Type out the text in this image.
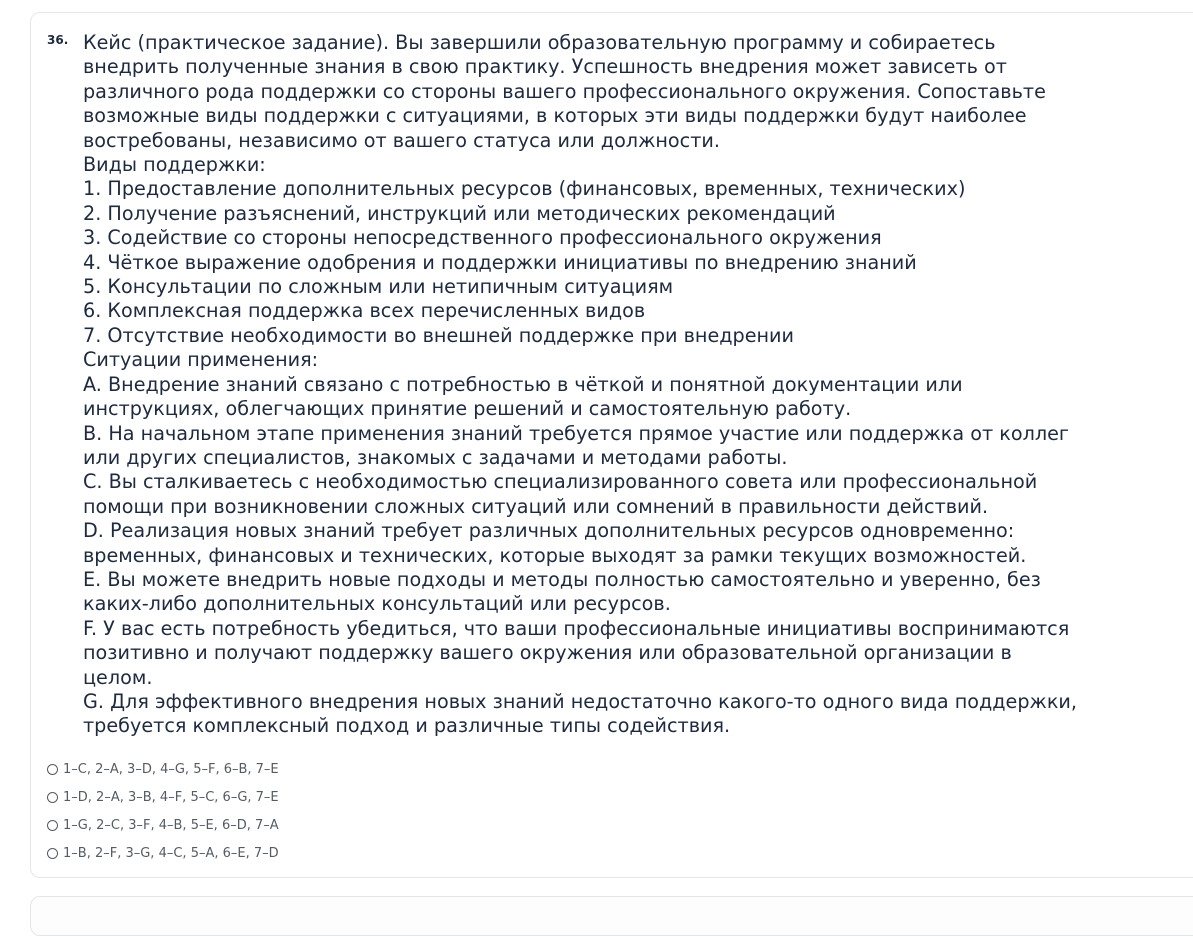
36. Кейс (практическое задание). Вы завершили образовательную программу и собираетесь
внедрить полученные знания в свою практику. Успешность внедрения может зависеть от
различного рода поддержки со стороны вашего профессионального окружения. Сопоставьте
возможные виды поддержки с ситуациями, в которых эти виды поддержки будут наиболее
востребованы, независимо от вашего статуса или должности.
Виды поддержки:
1. Предоставление дополнительных ресурсов (финансовых, временных, технических)
2. Получение разъяснений, инструкций или методических рекомендаций
3. Содействие со стороны непосредственного профессионального окружения
4. Чёткое выражение одобрения и поддержки инициативы по внедрению знаний
5. Консультации по сложным или нетипичным ситуациям
6. Комплексная поддержка всех перечисленных видов
7. Отсутствие необходимости во внешней поддержке при внедрении
Ситуации применения:
A. Внедрение знаний связано с потребностью в чёткой и понятной документации или
инструкциях, облегчающих принятие решений и самостоятельную работу.
B. На начальном этапе применения знаний требуется прямое участие или поддержка от коллег
или других специалистов, знакомых с задачами и методами работы.
C. Вы сталкиваетесь с необходимостью специализированного совета или профессиональной
помощи при возникновении сложных ситуаций или сомнений в правильности действий.
D. Реализация новых знаний требует различных дополнительных ресурсов одновременно:
временных, финансовых и технических, которые выходят за рамки текущих возможностей.
E. Вы можете внедрить новые подходы и методы полностью самостоятельно и уверенно, без
каких-либо дополнительных консультаций или ресурсов.
F. У вас есть потребность убедиться, что ваши профессиональные инициативы воспринимаются
позитивно и получают поддержку вашего окружения или образовательной организации в
целом.
G. Для эффективного внедрения новых знаний недостаточно какого-то одного вида поддержки,
требуется комплексный подход и различные типы содействия.
1–C, 2–A, 3–D, 4–G, 5–F, 6–B, 7–E
1–D, 2–A, 3–B, 4–F, 5–C, 6–G, 7–E
1–G, 2–C, 3–F, 4–B, 5–E, 6–D, 7–A
1–B, 2–F, 3–G, 4–C, 5–A, 6–E, 7–D
